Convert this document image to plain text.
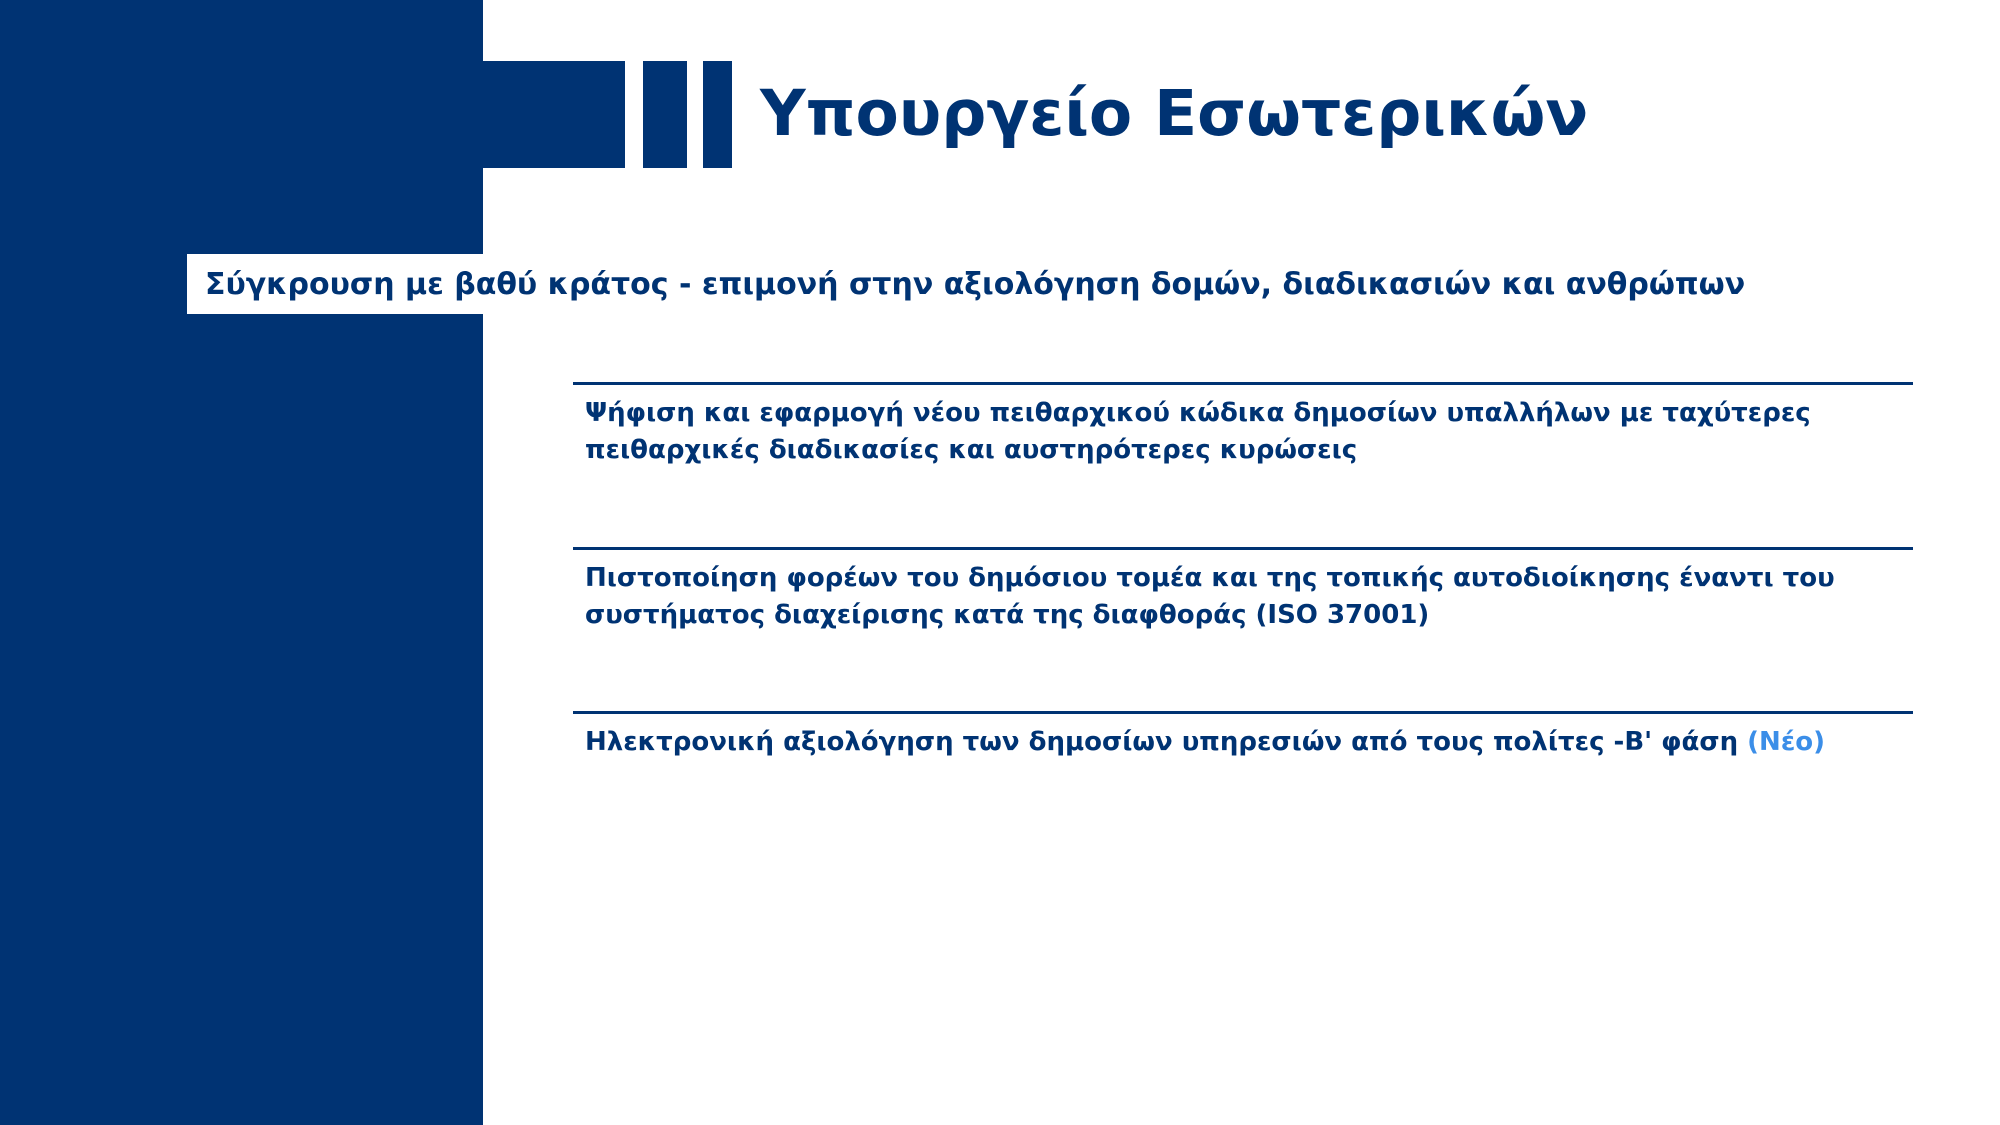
Υπουργείο Εσωτερικών
Σύγκρουση με βαθύ κράτος - επιμονή στην αξιολόγηση δομών, διαδικασιών και ανθρώπων
Ψήφιση και εφαρμογή νέου πειθαρχικού κώδικα δημοσίων υπαλλήλων με ταχύτερες πειθαρχικές διαδικασίες και αυστηρότερες κυρώσεις
Πιστοποίηση φορέων του δημόσιου τομέα και της τοπικής αυτοδιοίκησης έναντι του συστήματος διαχείρισης κατά της διαφθοράς (ISO 37001)
Ηλεκτρονική αξιολόγηση των δημοσίων υπηρεσιών από τους πολίτες -Β' φάση (Νέο)
